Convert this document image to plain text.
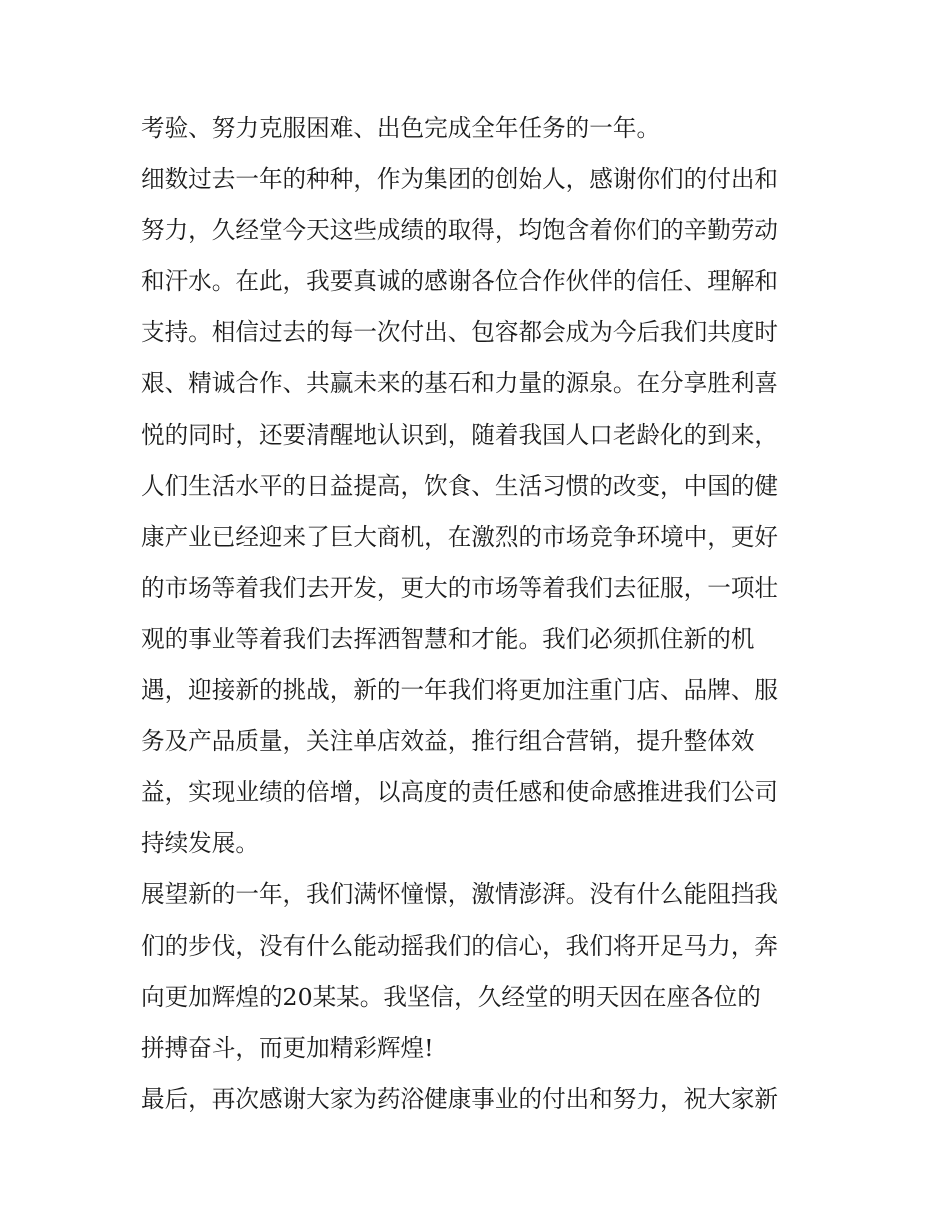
考验、努力克服困难、出色完成全年任务的一年。
细数过去一年的种种，作为集团的创始人，感谢你们的付出和
努力，久经堂今天这些成绩的取得，均饱含着你们的辛勤劳动
和汗水。在此，我要真诚的感谢各位合作伙伴的信任、理解和
支持。相信过去的每一次付出、包容都会成为今后我们共度时
艰、精诚合作、共赢未来的基石和力量的源泉。在分享胜利喜
悦的同时，还要清醒地认识到，随着我国人口老龄化的到来，
人们生活水平的日益提高，饮食、生活习惯的改变，中国的健
康产业已经迎来了巨大商机，在激烈的市场竞争环境中，更好
的市场等着我们去开发，更大的市场等着我们去征服，一项壮
观的事业等着我们去挥洒智慧和才能。我们必须抓住新的机
遇，迎接新的挑战，新的一年我们将更加注重门店、品牌、服
务及产品质量，关注单店效益，推行组合营销，提升整体效
益，实现业绩的倍增，以高度的责任感和使命感推进我们公司
持续发展。
展望新的一年，我们满怀憧憬，激情澎湃。没有什么能阻挡我
们的步伐，没有什么能动摇我们的信心，我们将开足马力，奔
向更加辉煌的20某某。我坚信，久经堂的明天因在座各位的
拼搏奋斗，而更加精彩辉煌!
最后，再次感谢大家为药浴健康事业的付出和努力，祝大家新
